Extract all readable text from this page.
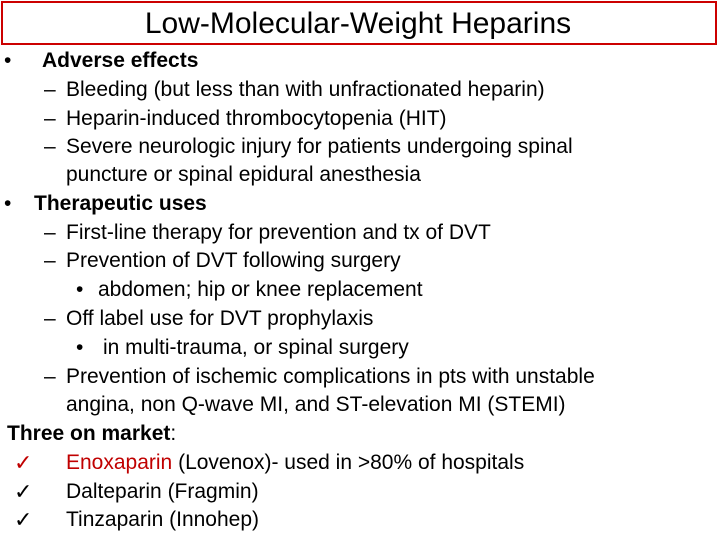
Low-Molecular-Weight Heparins
• Adverse effects
– Bleeding (but less than with unfractionated heparin)
– Heparin-induced thrombocytopenia (HIT)
– Severe neurologic injury for patients undergoing spinal
puncture or spinal epidural anesthesia
• Therapeutic uses
– First-line therapy for prevention and tx of DVT
– Prevention of DVT following surgery
• abdomen; hip or knee replacement
– Off label use for DVT prophylaxis
• in multi-trauma, or spinal surgery
– Prevention of ischemic complications in pts with unstable
angina, non Q-wave MI, and ST-elevation MI (STEMI)
Three on market:
✓ Enoxaparin (Lovenox)- used in >80% of hospitals
✓ Dalteparin (Fragmin)
✓ Tinzaparin (Innohep)
